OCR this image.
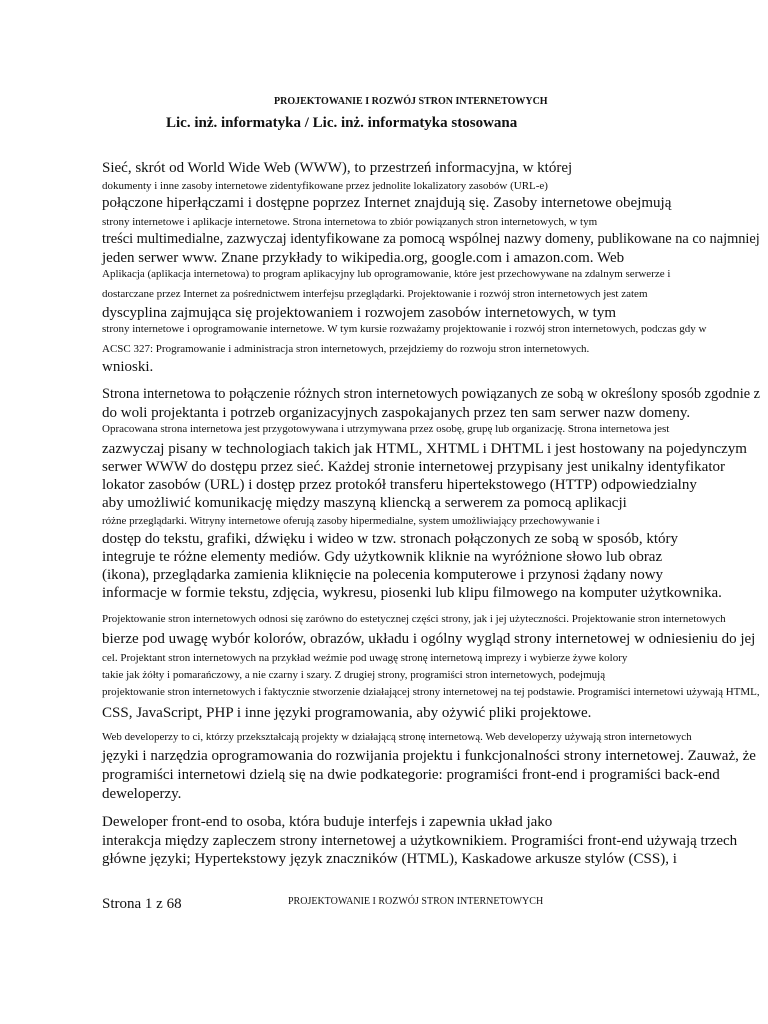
PROJEKTOWANIE I ROZWÓJ STRON INTERNETOWYCH
Lic. inż. informatyka / Lic. inż. informatyka stosowana
Sieć, skrót od World Wide Web (WWW), to przestrzeń informacyjna, w której
dokumenty i inne zasoby internetowe zidentyfikowane przez jednolite lokalizatory zasobów (URL-e)
połączone hiperłączami i dostępne poprzez Internet znajdują się. Zasoby internetowe obejmują
strony internetowe i aplikacje internetowe. Strona internetowa to zbiór powiązanych stron internetowych, w tym
treści multimedialne, zazwyczaj identyfikowane za pomocą wspólnej nazwy domeny, publikowane na co najmniej
jeden serwer www. Znane przykłady to wikipedia.org, google.com i amazon.com. Web
Aplikacja (aplikacja internetowa) to program aplikacyjny lub oprogramowanie, które jest przechowywane na zdalnym serwerze i
dostarczane przez Internet za pośrednictwem interfejsu przeglądarki. Projektowanie i rozwój stron internetowych jest zatem
dyscyplina zajmująca się projektowaniem i rozwojem zasobów internetowych, w tym
strony internetowe i oprogramowanie internetowe. W tym kursie rozważamy projektowanie i rozwój stron internetowych, podczas gdy w
ACSC 327: Programowanie i administracja stron internetowych, przejdziemy do rozwoju stron internetowych.
wnioski.
Strona internetowa to połączenie różnych stron internetowych powiązanych ze sobą w określony sposób zgodnie z
do woli projektanta i potrzeb organizacyjnych zaspokajanych przez ten sam serwer nazw domeny.
Opracowana strona internetowa jest przygotowywana i utrzymywana przez osobę, grupę lub organizację. Strona internetowa jest
zazwyczaj pisany w technologiach takich jak HTML, XHTML i DHTML i jest hostowany na pojedynczym
serwer WWW do dostępu przez sieć. Każdej stronie internetowej przypisany jest unikalny identyfikator
lokator zasobów (URL) i dostęp przez protokół transferu hipertekstowego (HTTP) odpowiedzialny
aby umożliwić komunikację między maszyną kliencką a serwerem za pomocą aplikacji
różne przeglądarki. Witryny internetowe oferują zasoby hipermedialne, system umożliwiający przechowywanie i
dostęp do tekstu, grafiki, dźwięku i wideo w tzw. stronach połączonych ze sobą w sposób, który
integruje te różne elementy mediów. Gdy użytkownik kliknie na wyróżnione słowo lub obraz
(ikona), przeglądarka zamienia kliknięcie na polecenia komputerowe i przynosi żądany nowy
informacje w formie tekstu, zdjęcia, wykresu, piosenki lub klipu filmowego na komputer użytkownika.
Projektowanie stron internetowych odnosi się zarówno do estetycznej części strony, jak i jej użyteczności. Projektowanie stron internetowych
bierze pod uwagę wybór kolorów, obrazów, układu i ogólny wygląd strony internetowej w odniesieniu do jej
cel. Projektant stron internetowych na przykład weźmie pod uwagę stronę internetową imprezy i wybierze żywe kolory
takie jak żółty i pomarańczowy, a nie czarny i szary. Z drugiej strony, programiści stron internetowych, podejmują
projektowanie stron internetowych i faktycznie stworzenie działającej strony internetowej na tej podstawie. Programiści internetowi używają HTML,
CSS, JavaScript, PHP i inne języki programowania, aby ożywić pliki projektowe.
Web developerzy to ci, którzy przekształcają projekty w działającą stronę internetową. Web developerzy używają stron internetowych
języki i narzędzia oprogramowania do rozwijania projektu i funkcjonalności strony internetowej. Zauważ, że
programiści internetowi dzielą się na dwie podkategorie: programiści front-end i programiści back-end
deweloperzy.
Deweloper front-end to osoba, która buduje interfejs i zapewnia układ jako
interakcja między zapleczem strony internetowej a użytkownikiem. Programiści front-end używają trzech
główne języki; Hypertekstowy język znaczników (HTML), Kaskadowe arkusze stylów (CSS), i
Strona 1 z 68	PROJEKTOWANIE I ROZWÓJ STRON INTERNETOWYCH
